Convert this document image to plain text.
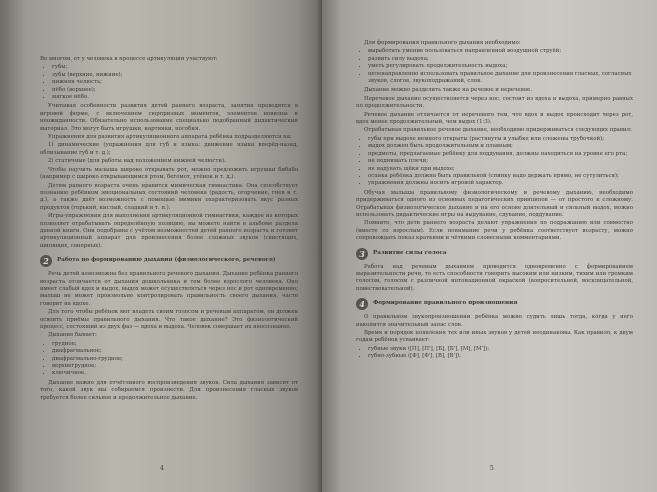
Во многом, от у человека в процессе артикуляции участвуют:

• губы;
• зубы (верхние, нижние);
• нижняя челюсть;
• нёбо (верхнее);
• мягкое нёбо.

Учитывая особенности развития детей раннего возраста, занятия проводятся в игровой форме, с включением сюрпризных моментов, элементов новизны и неожиданности. Обязательно использование специально подобранный дидактический материал. Это могут быть игрушки, картинки, пособия.

Упражнения для развития артикуляционного аппарата ребёнка подразделяются на:

1) динамические (упражнения для губ и языка: движение языка вперёд-назад, облизывание губ и т. д.);

2) статичные (для работы над положением нижней челюсти).

Чтобы научить малыша широко открывать рот, можно предложить игрушки бибабо (например с широко открывающимся ртом, бегемот, утёнок и т. д.).

Детям раннего возраста очень нравится мимическая гимнастика. Она способствует познанию ребёнком эмоциональных состояний человека (радость, огорчение, гнев и т. д.), а также даёт возможность с помощью мимики охарактеризовать вкус разных продуктов (горький, кислый, сладкий и т. п.).

Игры-упражнения для выполнения артикуляционной гимнастики, каждое из которых позволяет отрабатывать определённую позицию, вы можете найти в альбоме раздела данной книги. Они подобраны с учётом возможностей детей раннего возраста и готовят артикуляционный аппарат для произнесения более сложных звуков (свистящих, шипящих, сонорных).

2	Работа по формированию дыхания (физиологического, речевого)

Речь детей невозможна без правильного речевого дыхания. Дыхание ребёнка раннего возраста отличается от дыхания дошкольника и тем более взрослого человека. Оно имеет слабый вдох и выдох, выдох может осуществляться через нос и рот одновременно; малыш не может произвольно контролировать правильность своего дыхания, часто говорит на вдохе.

Для того чтобы ребёнок мог владеть своим голосом и речевым аппаратом, он должен освоить приёмы правильного дыхания. Что такое дыхание? Это физиологический процесс, состоящий из двух фаз — вдоха и выдоха. Человек совершает их неосознанно.

Дыхание бывает:

• грудное;
• диафрагмальное;
• диафрагмально-грудное;
• верхнегрудное;
• ключичное.

Дыхание важно для отчётливого воспроизведения звуков. Сила дыхания зависит от того, какой звук мы собираемся произнести. Для произнесения гласных звуков требуется более сильное и продолжительное дыхание.

4

Для формирования правильного дыхания необходимо:

• выработать умение пользоваться направленной воздушной струёй;
• развить силу выдоха;
• уметь регулировать продолжительность выдоха;
• целенаправленно использовать правильное дыхание для произнесения гласных, согласных звуков, слогов, звукоподражаний, слов.

Дыхание можно разделить также на речевое и неречевое.

Неречевое дыхание осуществляется через нос, состоит из вдоха и выдоха, примерно равных по продолжительности.

Речевое дыхание отличается от неречевого тем, что вдох и выдох происходит через рот, вдох менее продолжительный, чем выдох (1:3).

Отрабатывая правильное речевое дыхание, необходимо придерживаться следующих правил:

• губы при выдохе немного открыты (растянуты в улыбке или сложены трубочкой);
• выдох должен быть продолжительным и плавным;
• предметы, предлагаемые ребёнку для поддувания, должны находиться на уровне его рта;
• не поднимать плечи;
• не надувать щёки при выдохе;
• осанка ребёнка должна быть правильной (спинку надо держать прямо, не сутулиться);
• упражнения должны носить игровой характер.

Обучая малыша правильному физиологическому и речевому дыханию, необходимо придерживаться одного из основных педагогических принципов — от простого к сложному. Отрабатывая физиологическое дыхание и на его основе длительный и сильный выдох, можно использовать дидактические игры на выдувание, сдувание, поддувание.

Помните, что дети раннего возраста делают упражнения по подражанию или совместно (вместе со взрослым). Если понимание речи у ребёнка соответствует возрасту, можно сопровождать показ краткими и чёткими словесными комментариями.

3	Развитие силы голоса

Работа над речевым дыханием проводится одновременно с формированием выразительности речи, то есть способности говорить высоким или низким, тихим или громким голосом, голосом с различной интонационной окраской (вопросительной, восклицательной, повествовательной).

4	Формирование правильного произношения

О правильном звукопроизношении ребёнка можно судить лишь тогда, когда у него накопится значительный запас слов.

Время и порядок появления тех или иных звуков у детей неодинаковы. Как правило, к двум годам ребёнок усваивает:

• губные звуки ([П], [П'], [Б], [Б'], [М], [М']);
• губно-зубные ([Ф], [Ф'], [В], [В']).
5
